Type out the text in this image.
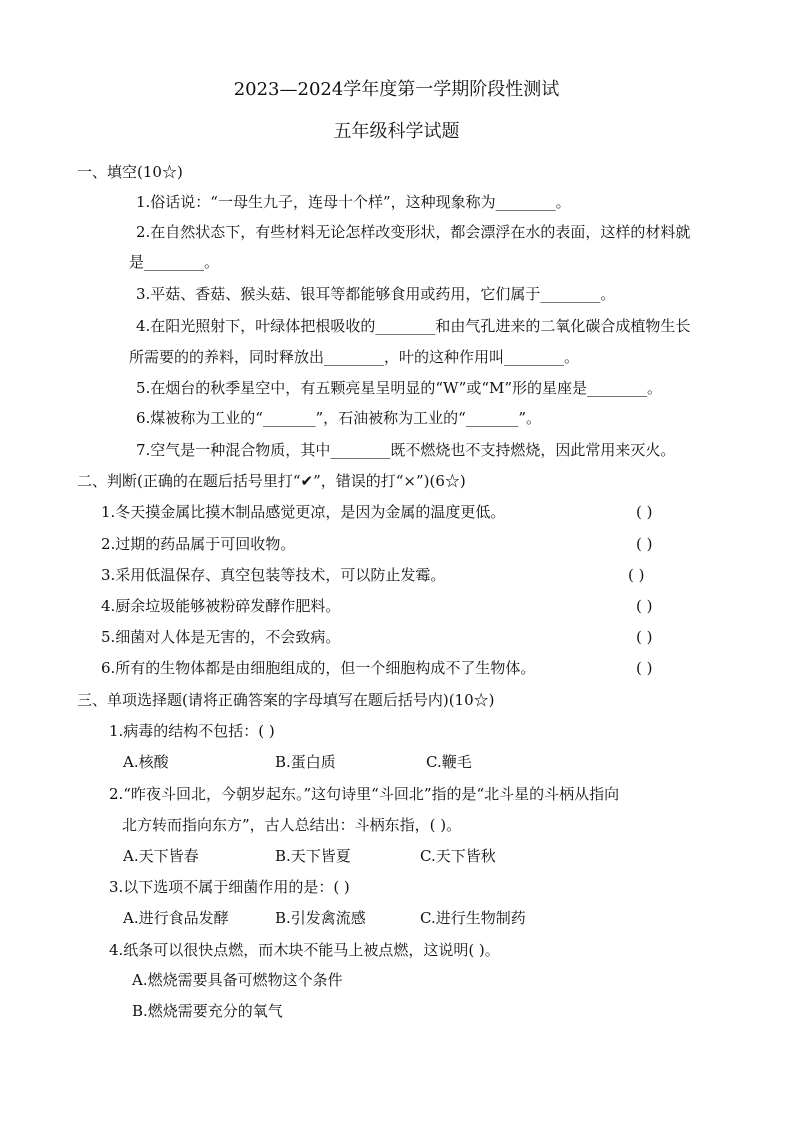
2023—2024学年度第一学期阶段性测试
五年级科学试题
一、填空(10☆)
1.俗话说：“一母生九子，连母十个样”，这种现象称为________。
2.在自然状态下，有些材料无论怎样改变形状，都会漂浮在水的表面，这样的材料就
是________。
3.平菇、香菇、猴头菇、银耳等都能够食用或药用，它们属于________。
4.在阳光照射下，叶绿体把根吸收的________和由气孔进来的二氧化碳合成植物生长
所需要的的养料，同时释放出________，叶的这种作用叫________。
5.在烟台的秋季星空中，有五颗亮星呈明显的“W”或“M”形的星座是________。
6.煤被称为工业的“_______”，石油被称为工业的“_______”。
7.空气是一种混合物质，其中________既不燃烧也不支持燃烧，因此常用来灭火。
二、判断(正确的在题后括号里打“✔”，错误的打“×”)(6☆)
1.冬天摸金属比摸木制品感觉更凉，是因为金属的温度更低。	( )
2.过期的药品属于可回收物。	( )
3.采用低温保存、真空包装等技术，可以防止发霉。	( )
4.厨余垃圾能够被粉碎发酵作肥料。	( )
5.细菌对人体是无害的，不会致病。	( )
6.所有的生物体都是由细胞组成的，但一个细胞构成不了生物体。	( )
三、单项选择题(请将正确答案的字母填写在题后括号内)(10☆)
1.病毒的结构不包括：( )
A.核酸	B.蛋白质	C.鞭毛
2.“昨夜斗回北，今朝岁起东。”这句诗里“斗回北”指的是“北斗星的斗柄从指向
北方转而指向东方”，古人总结出：斗柄东指，( )。
A.天下皆春	B.天下皆夏	C.天下皆秋
3.以下选项不属于细菌作用的是：( )
A.进行食品发酵	B.引发禽流感	C.进行生物制药
4.纸条可以很快点燃，而木块不能马上被点燃，这说明( )。
A.燃烧需要具备可燃物这个条件
B.燃烧需要充分的氧气
